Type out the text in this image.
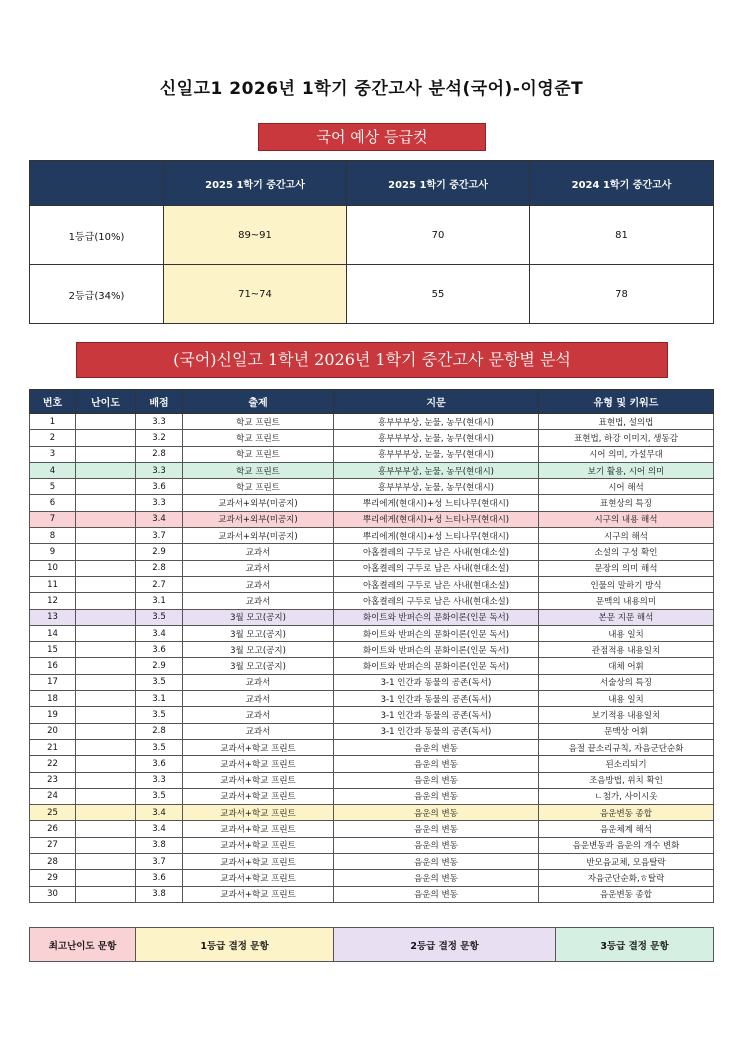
신일고1 2026년 1학기 중간고사 분석(국어)-이영준T
국어 예상 등급컷
	2025 1학기 중간고사	2025 1학기 중간고사	2024 1학기 중간고사
1등급(10%)	89~91	70	81
2등급(34%)	71~74	55	78
(국어)신일고 1학년 2026년 1학기 중간고사 문항별 분석
번호	난이도	배점	출제	지문	유형 및 키워드
1		3.3	학교 프린트	흥부부부상, 눈물, 농무(현대시)	표현법, 설의법
2		3.2	학교 프린트	흥부부부상, 눈물, 농무(현대시)	표현법, 하강 이미지, 생동감
3		2.8	학교 프린트	흥부부부상, 눈물, 농무(현대시)	시어 의미, 가설무대
4		3.3	학교 프린트	흥부부부상, 눈물, 농무(현대시)	보기 활용, 시어 의미
5		3.6	학교 프린트	흥부부부상, 눈물, 농무(현대시)	시어 해석
6		3.3	교과서+외부(미공지)	뿌리에게(현대시)+성 느티나무(현대시)	표현상의 특징
7		3.4	교과서+외부(미공지)	뿌리에게(현대시)+성 느티나무(현대시)	시구의 내용 해석
8		3.7	교과서+외부(미공지)	뿌리에게(현대시)+성 느티나무(현대시)	시구의 해석
9		2.9	교과서	아홉켤레의 구두로 남은 사내(현대소설)	소설의 구성 확인
10		2.8	교과서	아홉켤레의 구두로 남은 사내(현대소설)	문장의 의미 해석
11		2.7	교과서	아홉켤레의 구두로 남은 사내(현대소설)	인물의 말하기 방식
12		3.1	교과서	아홉켤레의 구두로 남은 사내(현대소설)	문맥의 내용의미
13		3.5	3월 모고(공지)	화이트와 반퍼슨의 문화이론(인문 독서)	본문 지문 해석
14		3.4	3월 모고(공지)	화이트와 반퍼슨의 문화이론(인문 독서)	내용 일치
15		3.6	3월 모고(공지)	화이트와 반퍼슨의 문화이론(인문 독서)	관점적용 내용일치
16		2.9	3월 모고(공지)	화이트와 반퍼슨의 문화이론(인문 독서)	대체 어휘
17		3.5	교과서	3-1 인간과 동물의 공존(독서)	서술상의 특징
18		3.1	교과서	3-1 인간과 동물의 공존(독서)	내용 일치
19		3.5	교과서	3-1 인간과 동물의 공존(독서)	보기적용 내용일치
20		2.8	교과서	3-1 인간과 동물의 공존(독서)	문맥상 어휘
21		3.5	교과서+학교 프린트	음운의 변동	음절 끝소리규칙, 자음군단순화
22		3.6	교과서+학교 프린트	음운의 변동	된소리되기
23		3.3	교과서+학교 프린트	음운의 변동	조음방법, 위치 확인
24		3.5	교과서+학교 프린트	음운의 변동	ㄴ첨가, 사이시옷
25		3.4	교과서+학교 프린트	음운의 변동	음운변동 종합
26		3.4	교과서+학교 프린트	음운의 변동	음운체계 해석
27		3.8	교과서+학교 프린트	음운의 변동	음운변동과 음운의 개수 변화
28		3.7	교과서+학교 프린트	음운의 변동	반모음교체, 모음탈락
29		3.6	교과서+학교 프린트	음운의 변동	자음군단순화,ㅎ탈락
30		3.8	교과서+학교 프린트	음운의 변동	음운변동 종합
최고난이도 문항	1등급 결정 문항	2등급 결정 문항	3등급 결정 문항
